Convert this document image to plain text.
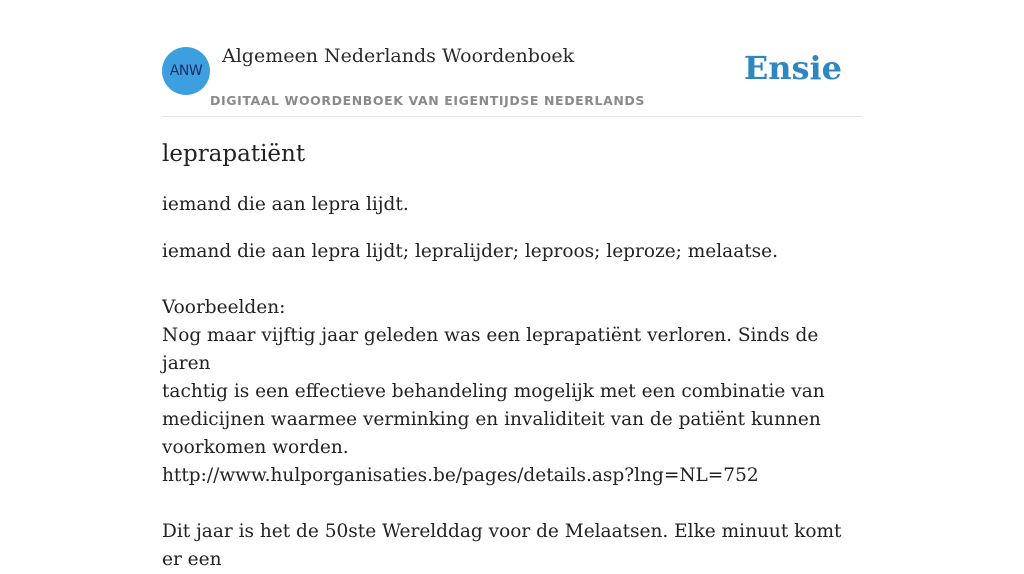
ANW
Algemeen Nederlands Woordenboek
DIGITAAL WOORDENBOEK VAN EIGENTIJDSE NEDERLANDS
Ensie
leprapatiënt

iemand die aan lepra lijdt.

iemand die aan lepra lijdt; lepralijder; leproos; leproze; melaatse.
Voorbeelden:
Nog maar vijftig jaar geleden was een leprapatiënt verloren. Sinds de jaren
tachtig is een effectieve behandeling mogelijk met een combinatie van
medicijnen waarmee verminking en invaliditeit van de patiënt kunnen
voorkomen worden.
http://www.hulporganisaties.be/pages/details.asp?lng=NL=752
Dit jaar is het de 50ste Werelddag voor de Melaatsen. Elke minuut komt er een
